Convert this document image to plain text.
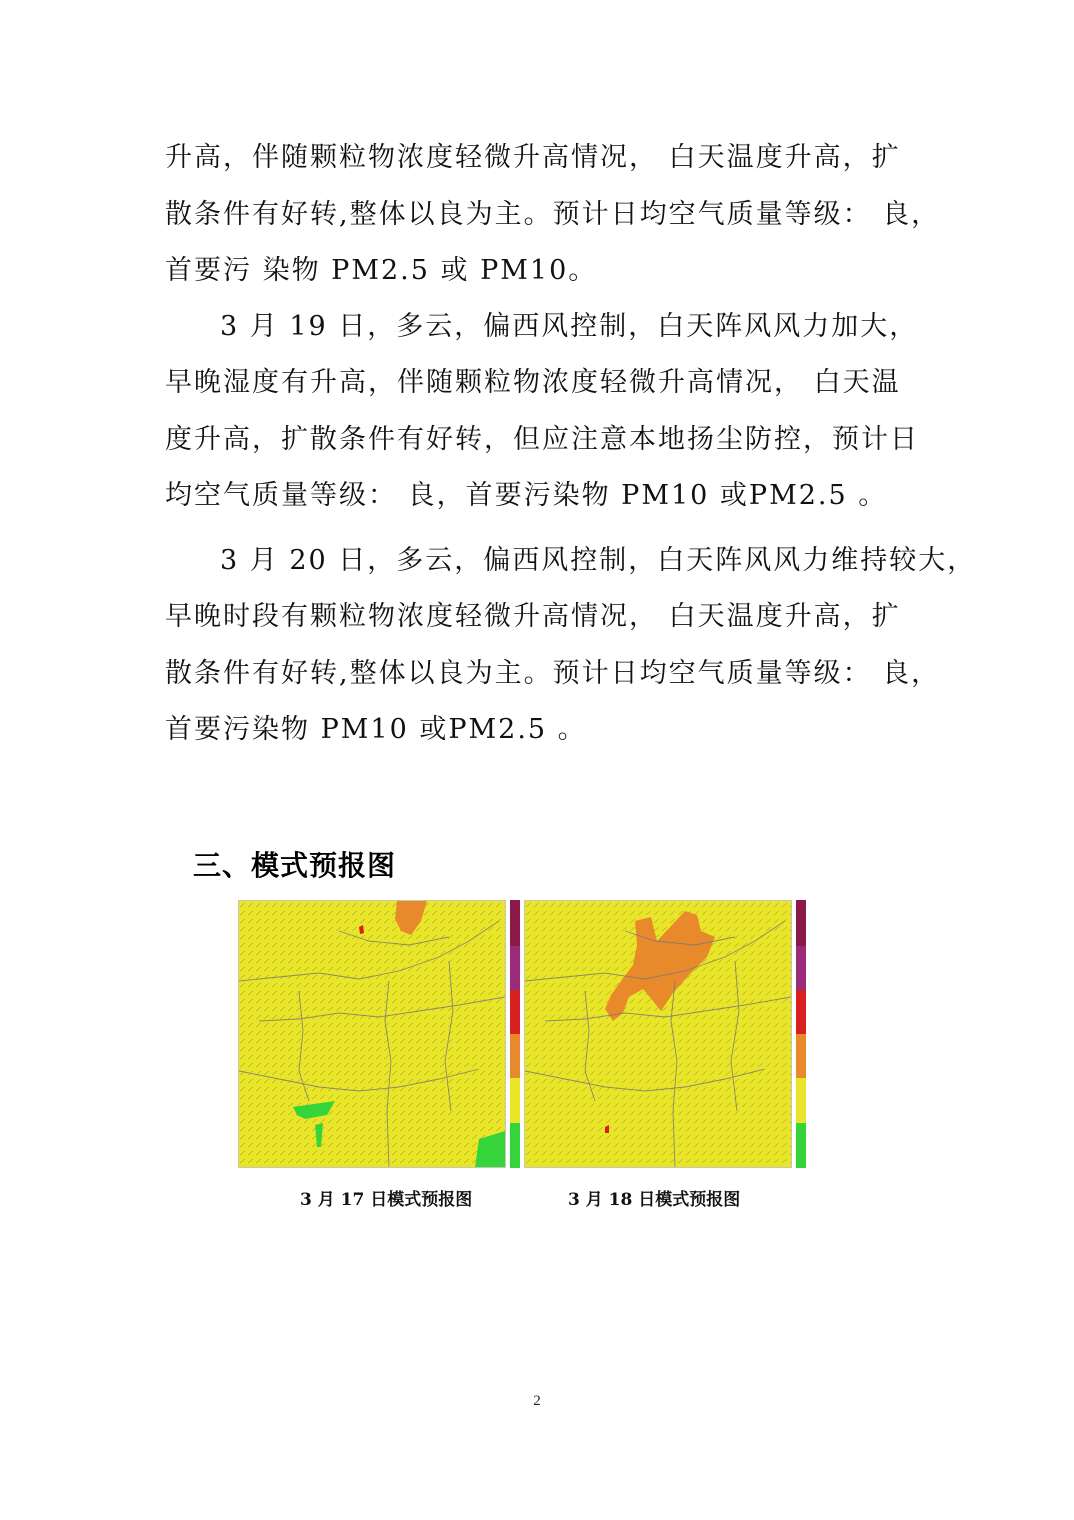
升高，伴随颗粒物浓度轻微升高情况， 白天温度升高，扩
散条件有好转,整体以良为主。预计日均空气质量等级： 良，
首要污 染物 PM2.5 或 PM10。
3 月 19 日，多云，偏西风控制，白天阵风风力加大，
早晚湿度有升高，伴随颗粒物浓度轻微升高情况， 白天温
度升高，扩散条件有好转，但应注意本地扬尘防控，预计日
均空气质量等级： 良，首要污染物 PM10 或PM2.5 。
3 月 20 日，多云，偏西风控制，白天阵风风力维持较大，
早晚时段有颗粒物浓度轻微升高情况， 白天温度升高，扩
散条件有好转,整体以良为主。预计日均空气质量等级： 良，
首要污染物 PM10 或PM2.5 。
三、模式预报图
3 月 17 日模式预报图	3 月 18 日模式预报图
2
